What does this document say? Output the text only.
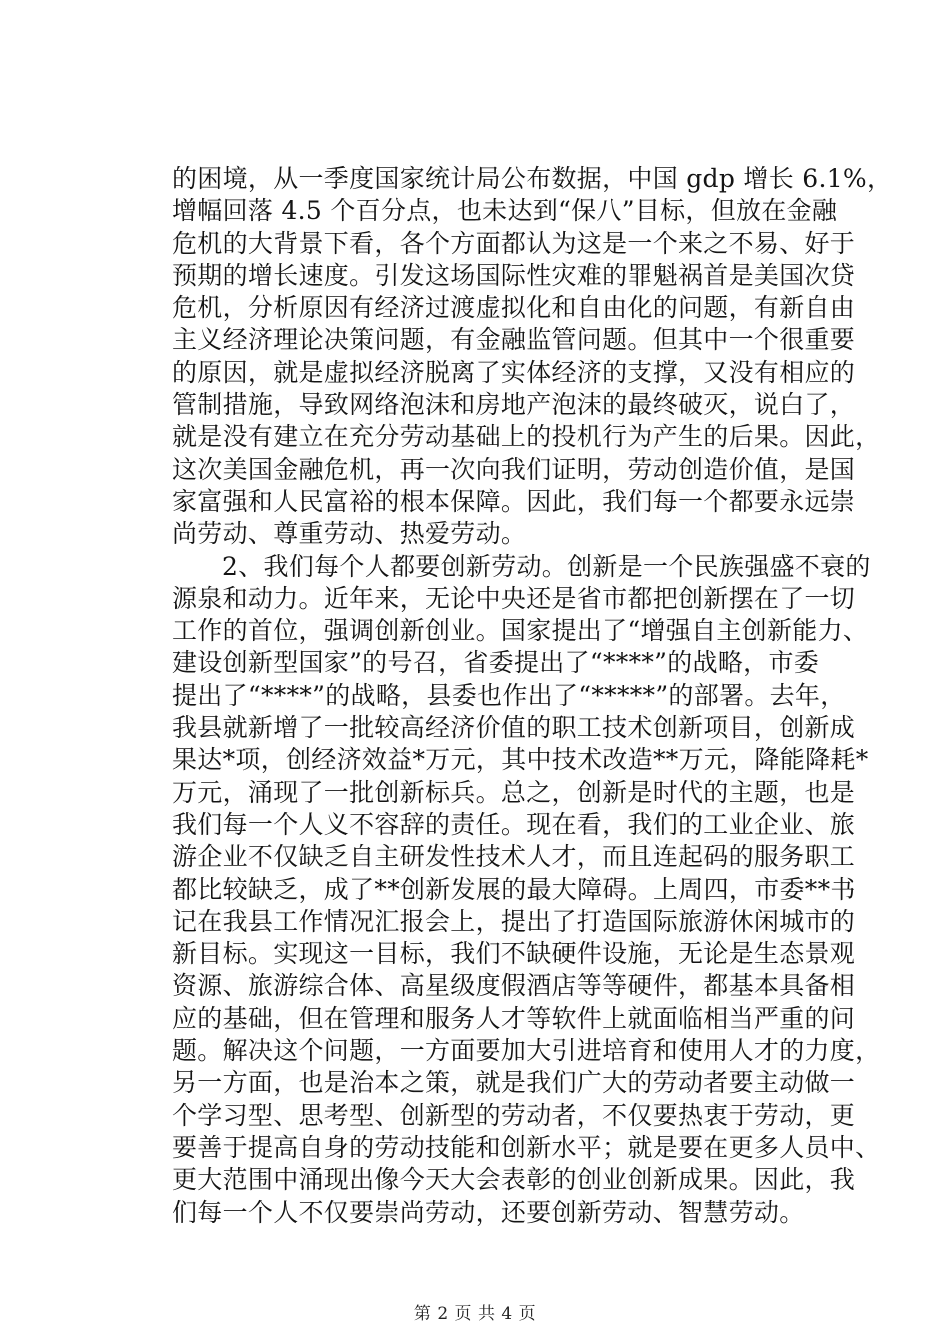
的困境，从一季度国家统计局公布数据，中国 gdp 增长 6.1%，
增幅回落 4.5 个百分点，也未达到“保八”目标，但放在金融
危机的大背景下看，各个方面都认为这是一个来之不易、好于
预期的增长速度。引发这场国际性灾难的罪魁祸首是美国次贷
危机，分析原因有经济过渡虚拟化和自由化的问题，有新自由
主义经济理论决策问题，有金融监管问题。但其中一个很重要
的原因，就是虚拟经济脱离了实体经济的支撑，又没有相应的
管制措施，导致网络泡沫和房地产泡沫的最终破灭，说白了，
就是没有建立在充分劳动基础上的投机行为产生的后果。因此，
这次美国金融危机，再一次向我们证明，劳动创造价值，是国
家富强和人民富裕的根本保障。因此，我们每一个都要永远崇
尚劳动、尊重劳动、热爱劳动。
2、我们每个人都要创新劳动。创新是一个民族强盛不衰的
源泉和动力。近年来，无论中央还是省市都把创新摆在了一切
工作的首位，强调创新创业。国家提出了“增强自主创新能力、
建设创新型国家”的号召，省委提出了“****”的战略，市委
提出了“****”的战略，县委也作出了“*****”的部署。去年，
我县就新增了一批较高经济价值的职工技术创新项目，创新成
果达*项，创经济效益*万元，其中技术改造**万元，降能降耗*
万元，涌现了一批创新标兵。总之，创新是时代的主题，也是
我们每一个人义不容辞的责任。现在看，我们的工业企业、旅
游企业不仅缺乏自主研发性技术人才，而且连起码的服务职工
都比较缺乏，成了**创新发展的最大障碍。上周四，市委**书
记在我县工作情况汇报会上，提出了打造国际旅游休闲城市的
新目标。实现这一目标，我们不缺硬件设施，无论是生态景观
资源、旅游综合体、高星级度假酒店等等硬件，都基本具备相
应的基础，但在管理和服务人才等软件上就面临相当严重的问
题。解决这个问题，一方面要加大引进培育和使用人才的力度，
另一方面，也是治本之策，就是我们广大的劳动者要主动做一
个学习型、思考型、创新型的劳动者，不仅要热衷于劳动，更
要善于提高自身的劳动技能和创新水平；就是要在更多人员中、
更大范围中涌现出像今天大会表彰的创业创新成果。因此，我
们每一个人不仅要崇尚劳动，还要创新劳动、智慧劳动。
第 2 页 共 4 页
